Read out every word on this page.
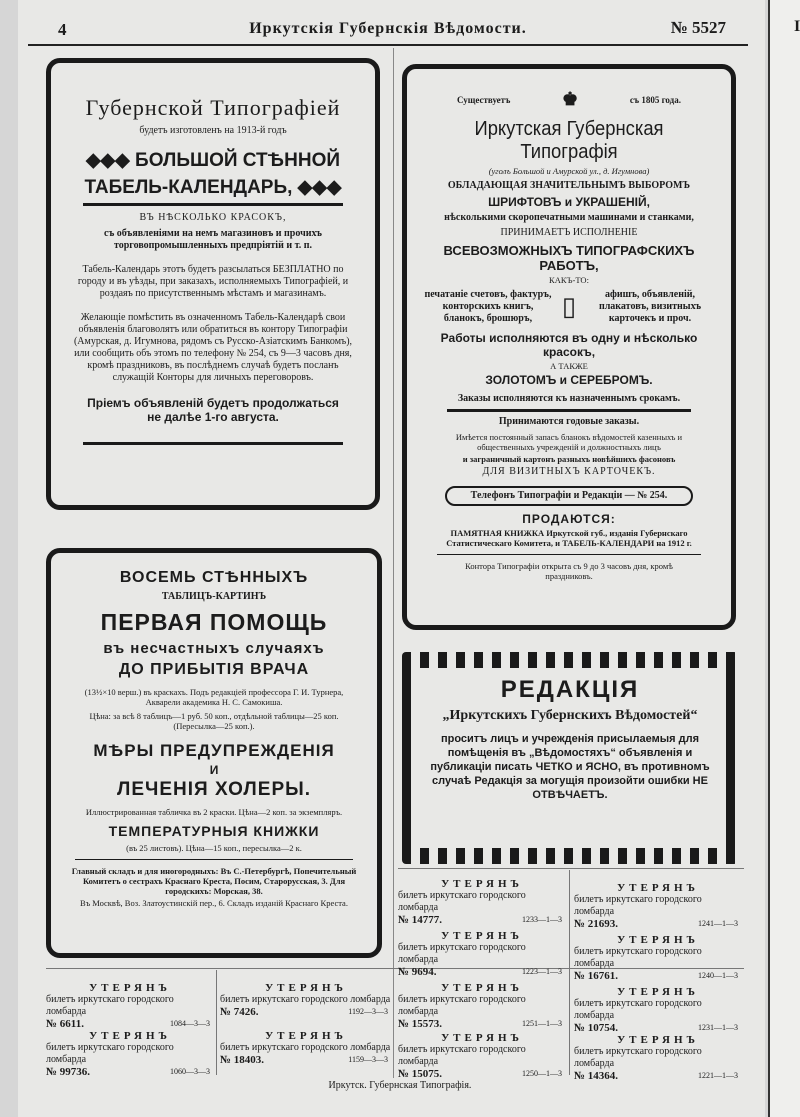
I
4	Иркутскія Губернскія Вѣдомости.	№ 5527

Губернской Типографіей

будетъ изготовленъ на 1913-й годъ

◆◆◆ БОЛЬШОЙ СТѢННОЙ

ТАБЕЛЬ-КАЛЕНДАРЬ, ◆◆◆

ВЪ НѢСКОЛЬКО КРАСОКЪ,

съ объявленіями на немъ магазиновъ и прочихъ торговопромышленныхъ предпріятій и т. п.

Табель-Календарь этотъ будетъ разсылаться БЕЗПЛАТНО по городу и въ уѣзды, при заказахъ, исполняемыхъ Типографіей, и роздаяъ по присутственнымъ мѣстамъ и магазинамъ.

Желающіе помѣстить въ означенномъ Табель-Календарѣ свои объявленія благоволятъ или обратиться въ контору Типографіи (Амурская, д. Игумнова, рядомъ съ Русско-Азіатскимъ Банкомъ), или сообщить объ этомъ по телефону № 254, съ 9—3 часовъ дня, кромѣ праздниковъ, въ послѣднемъ случаѣ будетъ посланъ служащій Конторы для личныхъ переговоровъ.

Пріемъ объявленій будетъ продолжаться не далѣе 1-го августа.

Существуетъ	♚	съ 1805 года.

Иркутская Губернская Типографія

(уголъ Большой и Амурской ул., д. Игумнова)

ОБЛАДАЮЩАЯ ЗНАЧИТЕЛЬНЫМЪ ВЫБОРОМЪ

ШРИФТОВЪ и УКРАШЕНІЙ,

нѣсколькими скоропечатными машинами и станками,

ПРИНИМАЕТЪ ИСПОЛНЕНІЕ

ВСЕВОЗМОЖНЫХЪ ТИПОГРАФСКИХЪ РАБОТЪ,

КАКЪ-ТО:

печатаніе счетовъ, фактуръ, конторскихъ книгъ, бланокъ, брошюръ,	▯	афишъ, объявленій, плакатовъ, визитныхъ карточекъ и проч.

Работы исполняются въ одну и нѣсколько красокъ,

А ТАКЖЕ

ЗОЛОТОМЪ и СЕРЕБРОМЪ.

Заказы исполняются къ назначеннымъ срокамъ.

Принимаются годовые заказы.

Имѣется постоянный запасъ бланокъ вѣдомостей казенныхъ и общественныхъ учрежденій и должностныхъ лицъ

и заграничный картонъ разныхъ новѣйшихъ фасоновъ

ДЛЯ ВИЗИТНЫХЪ КАРТОЧЕКЪ.

Телефонъ Типографіи и Редакціи — № 254.

ПРОДАЮТСЯ:

ПАМЯТНАЯ КНИЖКА Иркутской губ., изданія Губернскаго Статистическаго Комитета, и ТАБЕЛЬ-КАЛЕНДАРИ на 1912 г.

Контора Типографіи открыта съ 9 до 3 часовъ дня, кромѣ праздниковъ.

ВОСЕМЬ СТѢННЫХЪ

ТАБЛИЦЪ-КАРТИНЪ

ПЕРВАЯ ПОМОЩЬ

въ несчастныхъ случаяхъ

ДО ПРИБЫТІЯ ВРАЧА

(13½×10 верш.) въ краскахъ. Подъ редакціей профессора Г. И. Турнера, Акварели академика Н. С. Самокиша.

Цѣна: за всѣ 8 таблицъ—1 руб. 50 коп., отдѣльной таблицы—25 коп. (Пересылка—25 коп.).

МѢРЫ ПРЕДУПРЕЖДЕНІЯ

И

ЛЕЧЕНІЯ ХОЛЕРЫ.

Иллюстрированная табличка въ 2 краски. Цѣна—2 коп. за экземпляръ.

ТЕМПЕРАТУРНЫЯ КНИЖКИ

(въ 25 листовъ). Цѣна—15 коп., пересылка—2 к.

Главный складъ и для иногородныхъ: Въ С.-Петербургѣ, Попечительный Комитетъ о сестрахъ Краснаго Креста, Посим, Старорусская, 3. Для городскихъ: Морская, 38.

Въ Москвѣ, Воз. Златоустинскій пер., 6. Складъ изданій Краснаго Креста.

РЕДАКЦІЯ

„Иркутскихъ Губернскихъ Вѣдомостей“

проситъ лицъ и учрежденія присылаемыя для помѣщенія въ „Вѣдомостяхъ“ объявленія и публикаціи писать ЧЕТКО и ЯСНО, въ противномъ случаѣ Редакція за могущія произойти ошибки НЕ ОТВѢЧАЕТЪ.

УТЕРЯНЪ
билетъ иркутскаго городского ломбарда
№ 14777.	1233—1—3
УТЕРЯНЪ
билетъ иркутскаго городского ломбарда
№ 21693.	1241—1—3
УТЕРЯНЪ
билетъ иркутскаго городского ломбарда
№ 9694.	1223—1—3
УТЕРЯНЪ
билетъ иркутскаго городского ломбарда
№ 16761.	1240—1—3
УТЕРЯНЪ
билетъ иркутскаго городского ломбарда
№ 15573.	1251—1—3
УТЕРЯНЪ
билетъ иркутскаго городского ломбарда
№ 10754.	1231—1—3
УТЕРЯНЪ
билетъ иркутскаго городского ломбарда
№ 15075.	1250—1—3
УТЕРЯНЪ
билетъ иркутскаго городского ломбарда
№ 14364.	1221—1—3
УТЕРЯНЪ
билетъ иркутскаго городского ломбарда
№ 6611.	1084—3—3
УТЕРЯНЪ
билетъ иркутскаго городского ломбарда
№ 7426.	1192—3—3
УТЕРЯНЪ
билетъ иркутскаго городского ломбарда
№ 99736.	1060—3—3
УТЕРЯНЪ
билетъ иркутскаго городского ломбарда
№ 18403.	1159—3—3
Иркутск. Губернская Типографія.
